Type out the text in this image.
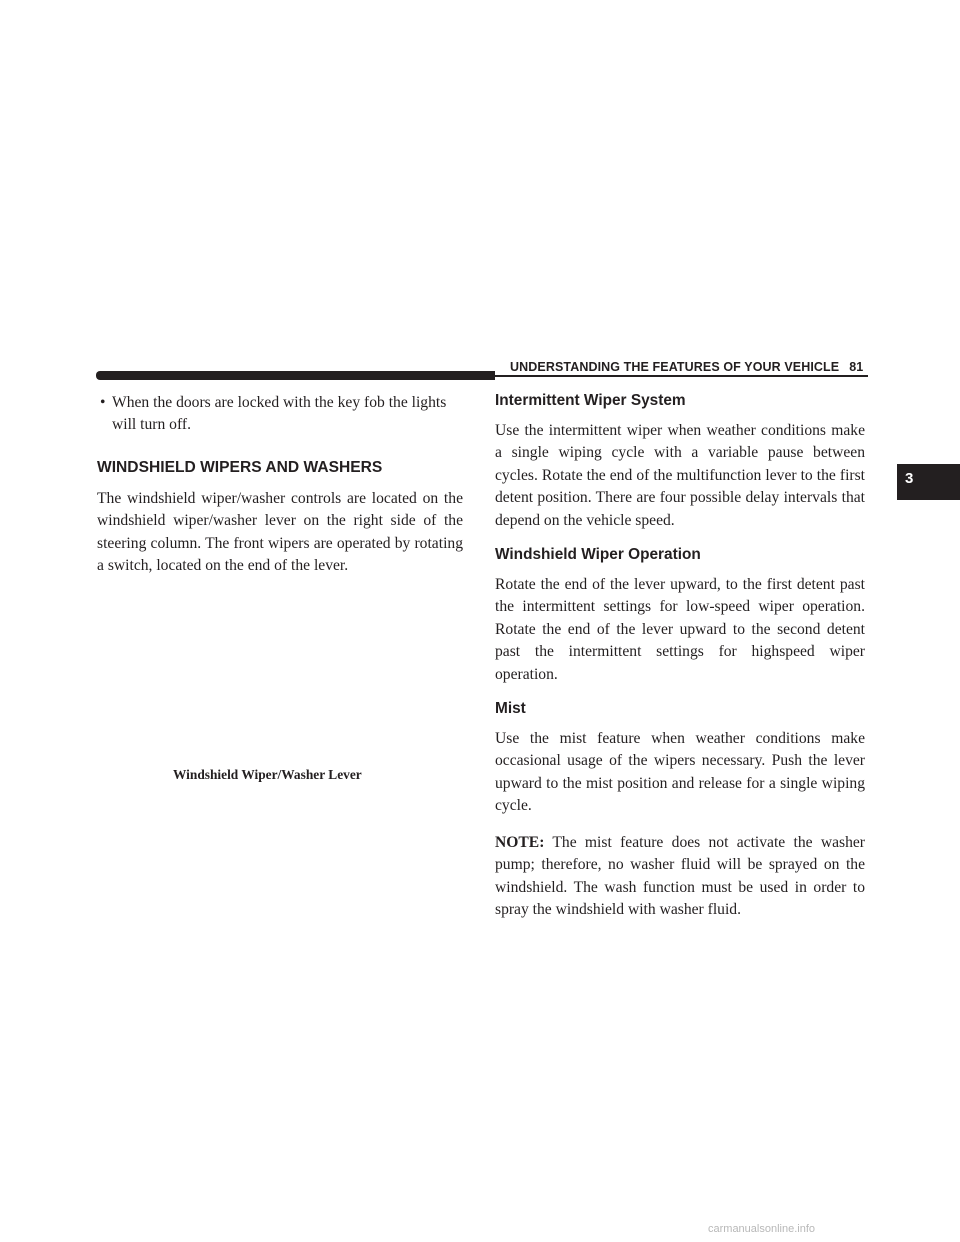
UNDERSTANDING THE FEATURES OF YOUR VEHICLE 81
3
• When the doors are locked with the key fob the lights will turn off.
WINDSHIELD WIPERS AND WASHERS

The windshield wiper/washer controls are located on the windshield wiper/washer lever on the right side of the steering column. The front wipers are operated by rotating a switch, located on the end of the lever.

Windshield Wiper/Washer Lever
Intermittent Wiper System

Use the intermittent wiper when weather conditions make a single wiping cycle with a variable pause between cycles. Rotate the end of the multifunction lever to the first detent position. There are four possible delay intervals that depend on the vehicle speed.

Windshield Wiper Operation

Rotate the end of the lever upward, to the first detent past the intermittent settings for low-speed wiper operation. Rotate the end of the lever upward to the second detent past the intermittent settings for highspeed wiper operation.

Mist

Use the mist feature when weather conditions make occasional usage of the wipers necessary. Push the lever upward to the mist position and release for a single wiping cycle.

NOTE: The mist feature does not activate the washer pump; therefore, no washer fluid will be sprayed on the windshield. The wash function must be used in order to spray the windshield with washer fluid.

carmanualsonline.info
